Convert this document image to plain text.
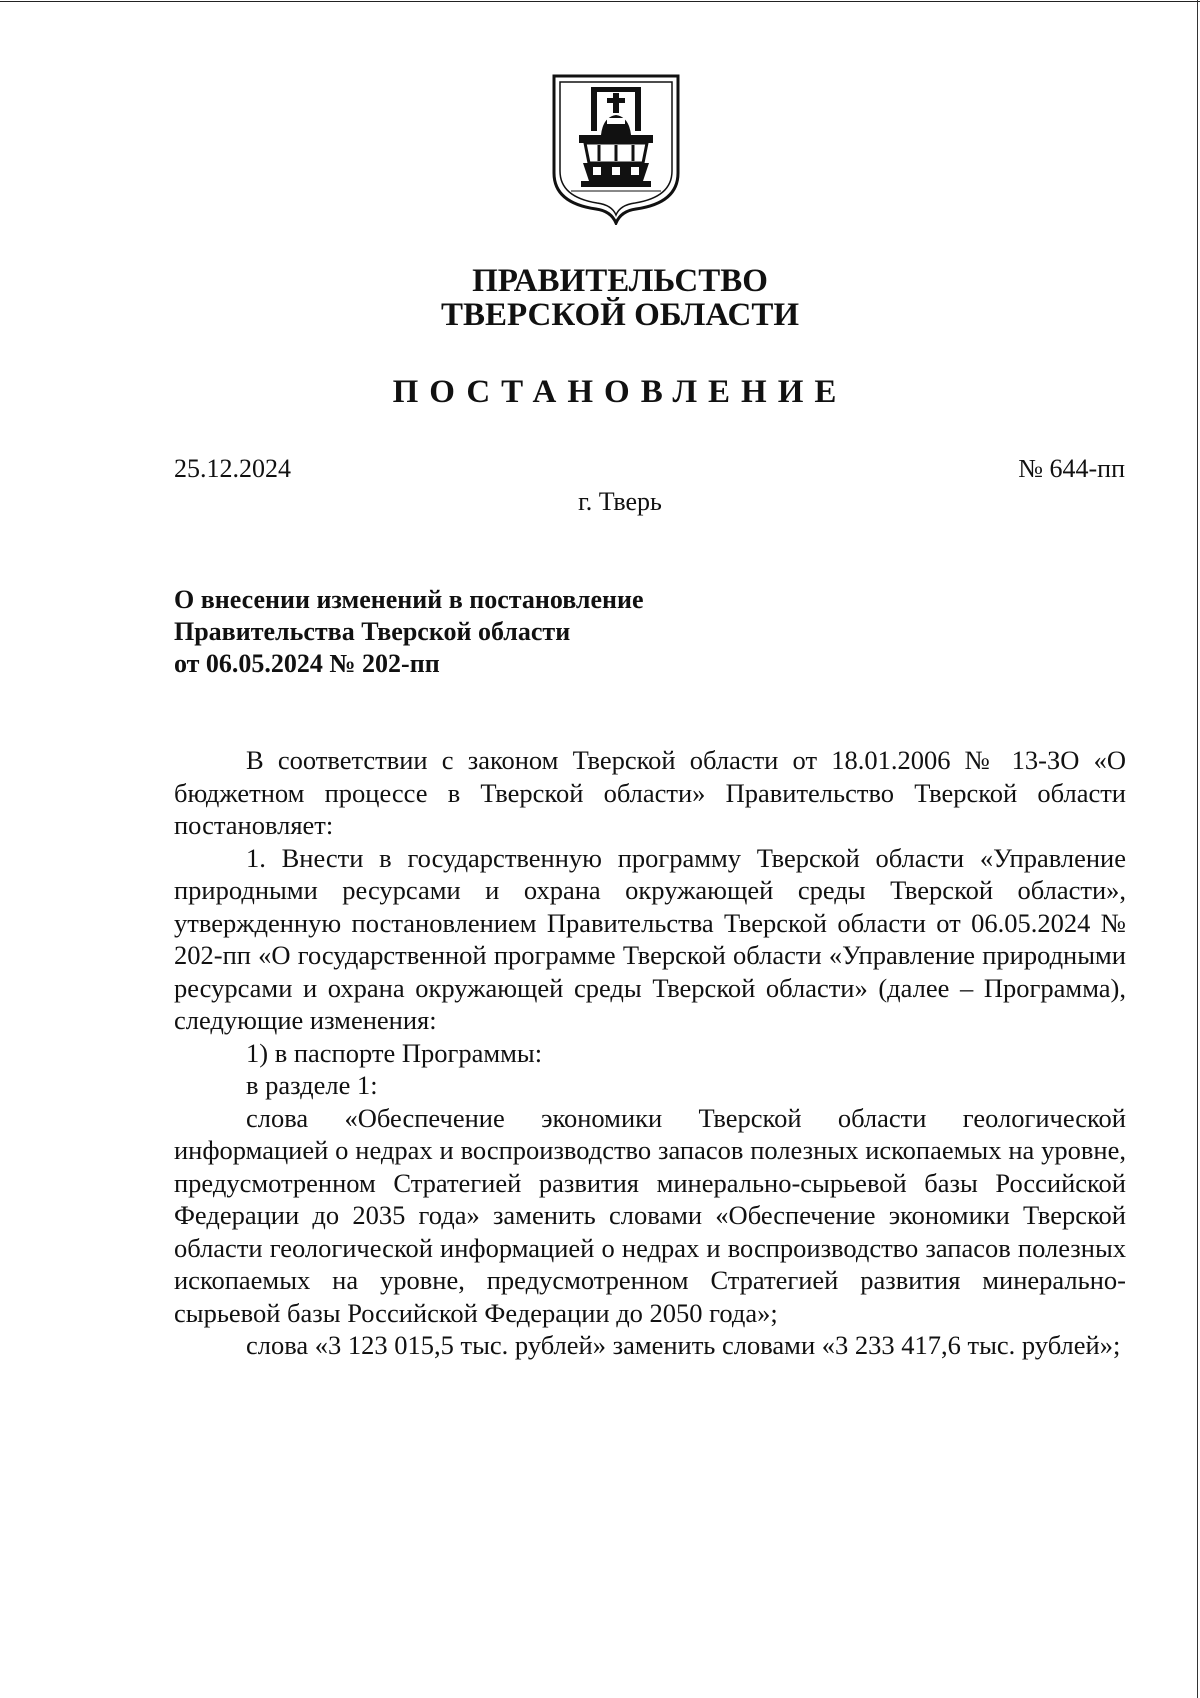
ПРАВИТЕЛЬСТВО
ТВЕРСКОЙ ОБЛАСТИ
ПОСТАНОВЛЕНИЕ
25.12.2024	№ 644-пп
г. Тверь
О внесении изменений в постановление
Правительства Тверской области
от 06.05.2024 № 202-пп

В соответствии с законом Тверской области от 18.01.2006 № 13-ЗО «О бюджетном процессе в Тверской области» Правительство Тверской области постановляет:

1. Внести в государственную программу Тверской области «Управление природными ресурсами и охрана окружающей среды Тверской области», утвержденную постановлением Правительства Тверской области от 06.05.2024 № 202-пп «О государственной программе Тверской области «Управление природными ресурсами и охрана окружающей среды Тверской области» (далее – Программа), следующие изменения:

1) в паспорте Программы:

в разделе 1:

слова «Обеспечение экономики Тверской области геологической информацией о недрах и воспроизводство запасов полезных ископаемых на уровне, предусмотренном Стратегией развития минерально-сырьевой базы Российской Федерации до 2035 года» заменить словами «Обеспечение экономики Тверской области геологической информацией о недрах и воспроизводство запасов полезных ископаемых на уровне, предусмотренном Стратегией развития минерально-сырьевой базы Российской Федерации до 2050 года»;

слова «3 123 015,5 тыс. рублей» заменить словами «3 233 417,6 тыс. рублей»;
